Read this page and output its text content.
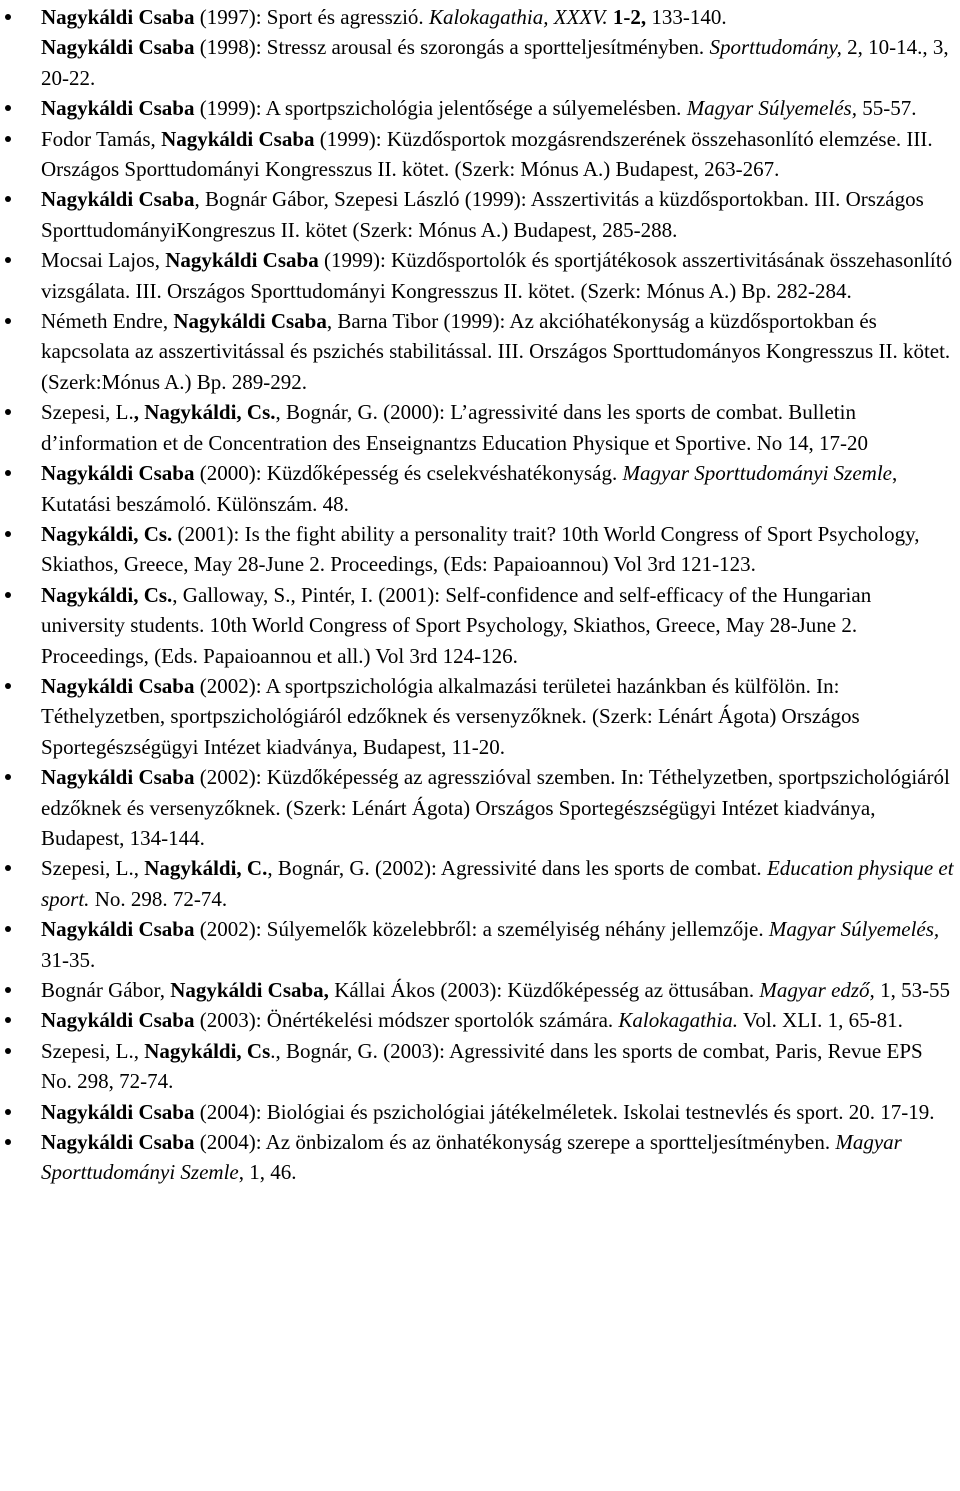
Nagykáldi Csaba (1997): Sport és agresszió. Kalokagathia, XXXV. 1-2, 133-140.
Nagykáldi Csaba (1998): Stressz arousal és szorongás a sportteljesítményben. Sporttudomány, 2, 10-14., 3, 20-22.
Nagykáldi Csaba (1999): A sportpszichológia jelentősége a súlyemelésben. Magyar Súlyemelés, 55-57.
Fodor Tamás, Nagykáldi Csaba (1999): Küzdősportok mozgásrendszerének összehasonlító elemzése. III. Országos Sporttudományi Kongresszus II. kötet. (Szerk: Mónus A.) Budapest, 263-267.
Nagykáldi Csaba, Bognár Gábor, Szepesi László (1999): Asszertivitás a küzdősportokban. III. Országos SporttudományiKongreszus II. kötet (Szerk: Mónus A.) Budapest, 285-288.
Mocsai Lajos, Nagykáldi Csaba (1999): Küzdősportolók és sportjátékosok asszertivitásának összehasonlító vizsgálata. III. Országos Sporttudományi Kongresszus II. kötet. (Szerk: Mónus A.) Bp. 282-284.
Németh Endre, Nagykáldi Csaba, Barna Tibor (1999): Az akcióhatékonyság a küzdősportokban és kapcsolata az asszertivitással és pszichés stabilitással. III. Országos Sporttudományos Kongresszus II. kötet. (Szerk:Mónus A.) Bp. 289-292.
Szepesi, L., Nagykáldi, Cs., Bognár, G. (2000): L’agressivité dans les sports de combat. Bulletin d’information et de Concentration des Enseignantzs Education Physique et Sportive. No 14, 17-20
Nagykáldi Csaba (2000): Küzdőképesség és cselekvéshatékonyság. Magyar Sporttudományi Szemle, Kutatási beszámoló. Különszám. 48.
Nagykáldi, Cs. (2001): Is the fight ability a personality trait? 10th World Congress of Sport Psychology, Skiathos, Greece, May 28-June 2. Proceedings, (Eds: Papaioannou) Vol 3rd 121-123.
Nagykáldi, Cs., Galloway, S., Pintér, I. (2001): Self-confidence and self-efficacy of the Hungarian university students. 10th World Congress of Sport Psychology, Skiathos, Greece, May 28-June 2. Proceedings, (Eds. Papaioannou et all.) Vol 3rd 124-126.
Nagykáldi Csaba (2002): A sportpszichológia alkalmazási területei hazánkban és külfölön. In: Téthelyzetben, sportpszichológiáról edzőknek és versenyzőknek. (Szerk: Lénárt Ágota) Országos Sportegészségügyi Intézet kiadványa, Budapest, 11-20.
Nagykáldi Csaba (2002): Küzdőképesség az agresszióval szemben. In: Téthelyzetben, sportpszichológiáról edzőknek és versenyzőknek. (Szerk: Lénárt Ágota) Országos Sportegészségügyi Intézet kiadványa, Budapest, 134-144.
Szepesi, L., Nagykáldi, C., Bognár, G. (2002): Agressivité dans les sports de combat. Education physique et sport. No. 298. 72-74.
Nagykáldi Csaba (2002): Súlyemelők közelebbről: a személyiség néhány jellemzője. Magyar Súlyemelés, 31-35.
Bognár Gábor, Nagykáldi Csaba, Kállai Ákos (2003): Küzdőképesség az öttusában. Magyar edző, 1, 53-55
Nagykáldi Csaba (2003): Önértékelési módszer sportolók számára. Kalokagathia. Vol. XLI. 1, 65-81.
Szepesi, L., Nagykáldi, Cs., Bognár, G. (2003): Agressivité dans les sports de combat, Paris, Revue EPS No. 298, 72-74.
Nagykáldi Csaba (2004): Biológiai és pszichológiai játékelméletek. Iskolai testnevlés és sport. 20. 17-19.
Nagykáldi Csaba (2004): Az önbizalom és az önhatékonyság szerepe a sportteljesítményben. Magyar Sporttudományi Szemle, 1, 46.
